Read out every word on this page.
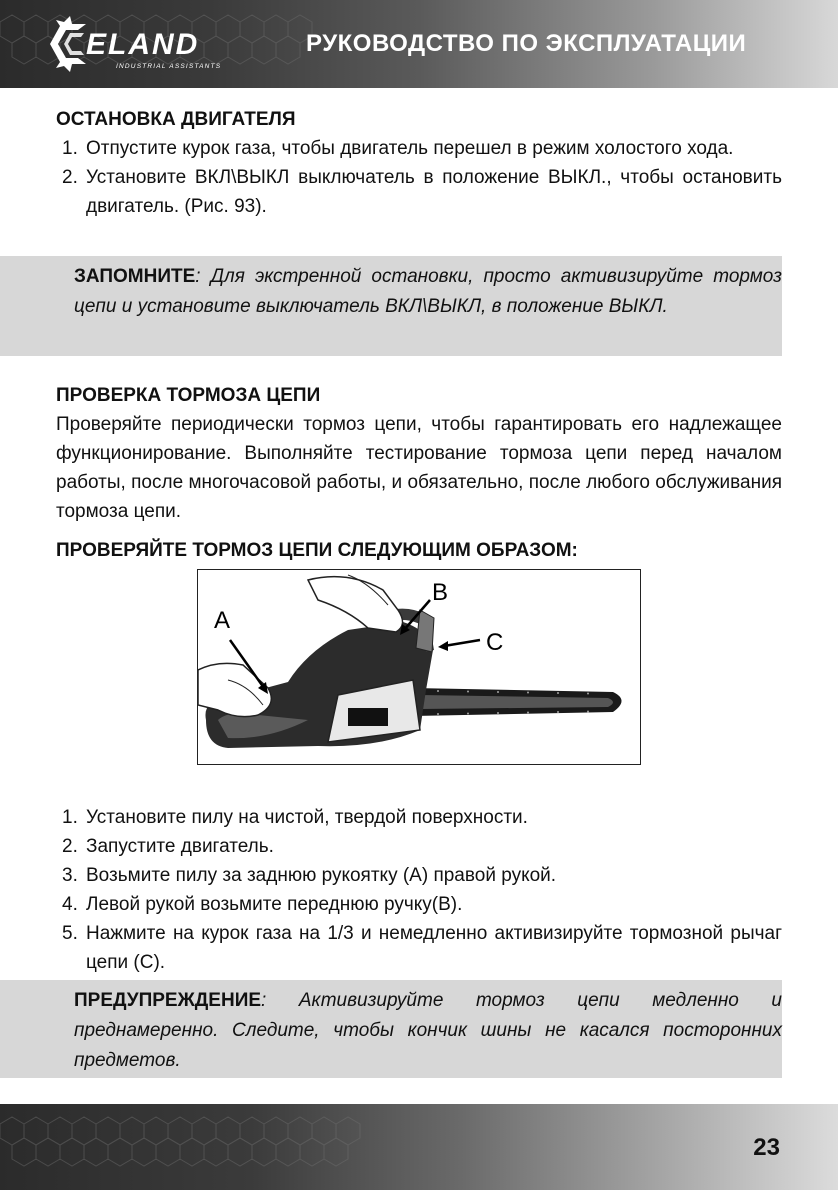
ELAND
INDUSTRIAL ASSISTANTS
РУКОВОДСТВО ПО ЭКСПЛУАТАЦИИ
ОСТАНОВКА ДВИГАТЕЛЯ
1. Отпустите курок газа, чтобы двигатель перешел в режим холостого хода.
2. Установите ВКЛ\ВЫКЛ выключатель в положение ВЫКЛ., чтобы остановить двигатель. (Рис. 93).
ЗАПОМНИТЕ: Для экстренной остановки, просто активизируйте тормоз цепи и установите выключатель ВКЛ\ВЫКЛ, в положение ВЫКЛ.
ПРОВЕРКА ТОРМОЗА ЦЕПИ

Проверяйте периодически тормоз цепи, чтобы гарантировать его надлежащее функционирование. Выполняйте тестирование тормоза цепи перед началом работы, после многочасовой работы, и обязательно, после любого обслуживания тормоза цепи.

ПРОВЕРЯЙТЕ ТОРМОЗ ЦЕПИ СЛЕДУЮЩИМ ОБРАЗОМ:
A
B
C
1. Установите пилу на чистой, твердой поверхности.
2. Запустите двигатель.
3. Возьмите пилу за заднюю рукоятку (А) правой рукой.
4. Левой рукой возьмите переднюю ручку(В).
5. Нажмите на курок газа на 1/3 и немедленно активизируйте тормозной рычаг цепи (С).
ПРЕДУПРЕЖДЕНИЕ: Активизируйте тормоз цепи медленно и преднамеренно. Следите, чтобы кончик шины не касался посторонних предметов.
23
